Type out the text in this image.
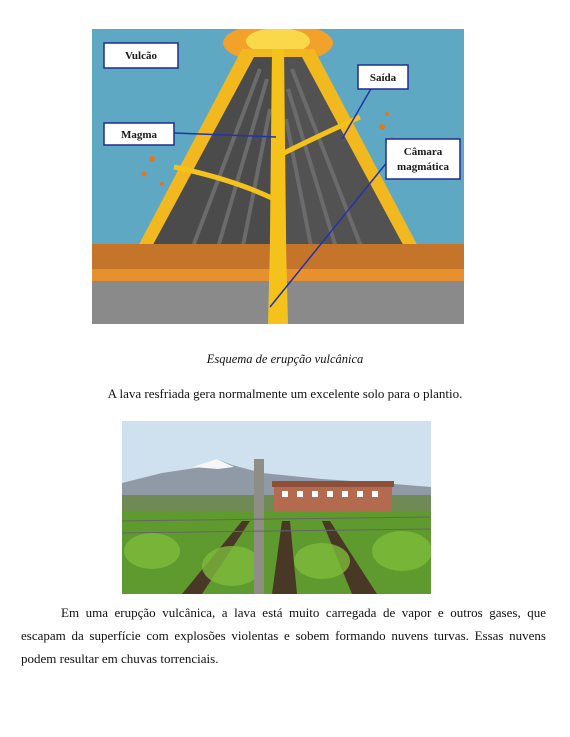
Vulcão
Magma
Saída
Câmara
magmática
Esquema de erupção vulcânica
A lava resfriada gera normalmente um excelente solo para o plantio.

Em uma erupção vulcânica, a lava está muito carregada de vapor e outros gases, que escapam da superfície com explosões violentas e sobem formando nuvens turvas. Essas nuvens podem resultar em chuvas torrenciais.
